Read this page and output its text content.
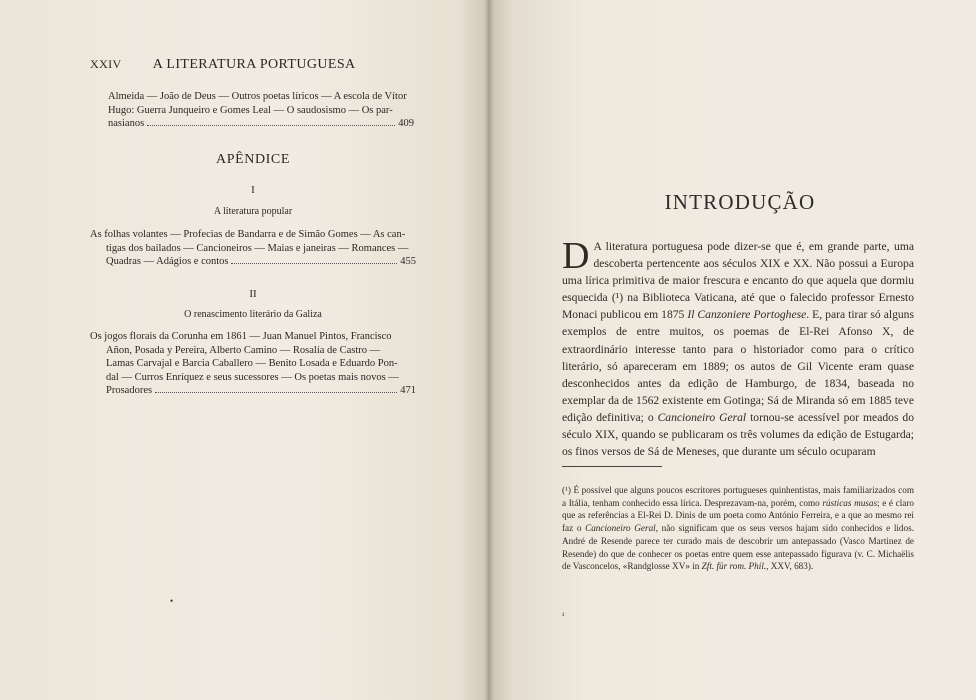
XXIV A LITERATURA PORTUGUESA
Almeida — João de Deus — Outros poetas líricos — A escola de Vítor
Hugo: Guerra Junqueiro e Gomes Leal — O saudosismo — Os par-
nasianos	409
APÊNDICE
I
A literatura popular
As folhas volantes — Profecias de Bandarra e de Simão Gomes — As can-
tigas dos bailados — Cancioneiros — Maias e janeiras — Romances —
Quadras — Adágios e contos	455
II
O renascimento literário da Galiza
Os jogos florais da Corunha em 1861 — Juan Manuel Pintos, Francisco
Añon, Posada y Pereira, Alberto Camino — Rosalía de Castro —
Lamas Carvajal e Barcia Caballero — Benito Losada e Eduardo Pon-
dal — Curros Enríquez e seus sucessores — Os poetas mais novos —
Prosadores	471
•
INTRODUÇÃO
D A literatura portuguesa pode dizer-se que é, em grande parte, uma descoberta pertencente aos séculos XIX e XX. Não possui a Europa uma lírica primitiva de maior frescura e encanto do que aquela que dormiu esquecida (¹) na Biblioteca Vaticana, até que o falecido professor Ernesto Monaci publicou em 1875 Il Canzoniere Portoghese. E, para tirar só alguns exemplos de entre muitos, os poemas de El-Rei Afonso X, de extraordinário interesse tanto para o historiador como para o crítico literário, só apareceram em 1889; os autos de Gil Vicente eram quase desconhecidos antes da edição de Hamburgo, de 1834, baseada no exemplar da de 1562 existente em Gotinga; Sá de Miranda só em 1885 teve edição definitiva; o Cancioneiro Geral tornou-se acessível por meados do século XIX, quando se publicaram os três volumes da edição de Estugarda; os finos versos de Sá de Meneses, que durante um século ocuparam
(¹) É possível que alguns poucos escritores portugueses quinhentistas, mais familiarizados com a Itália, tenham conhecido essa lírica. Desprezavam-na, porém, como rústicas musas; e é claro que as referências a El-Rei D. Dinis de um poeta como António Ferreira, e a que ao mesmo rei faz o Cancioneiro Geral, não significam que os seus versos hajam sido conhecidos e lidos. André de Resende parece ter curado mais de descobrir um antepassado (Vasco Martinez de Resende) do que de conhecer os poetas entre quem esse antepassado figurava (v. C. Michaëlis de Vasconcelos, «Randglosse XV» in Zft. für rom. Phil., XXV, 683).
¹
